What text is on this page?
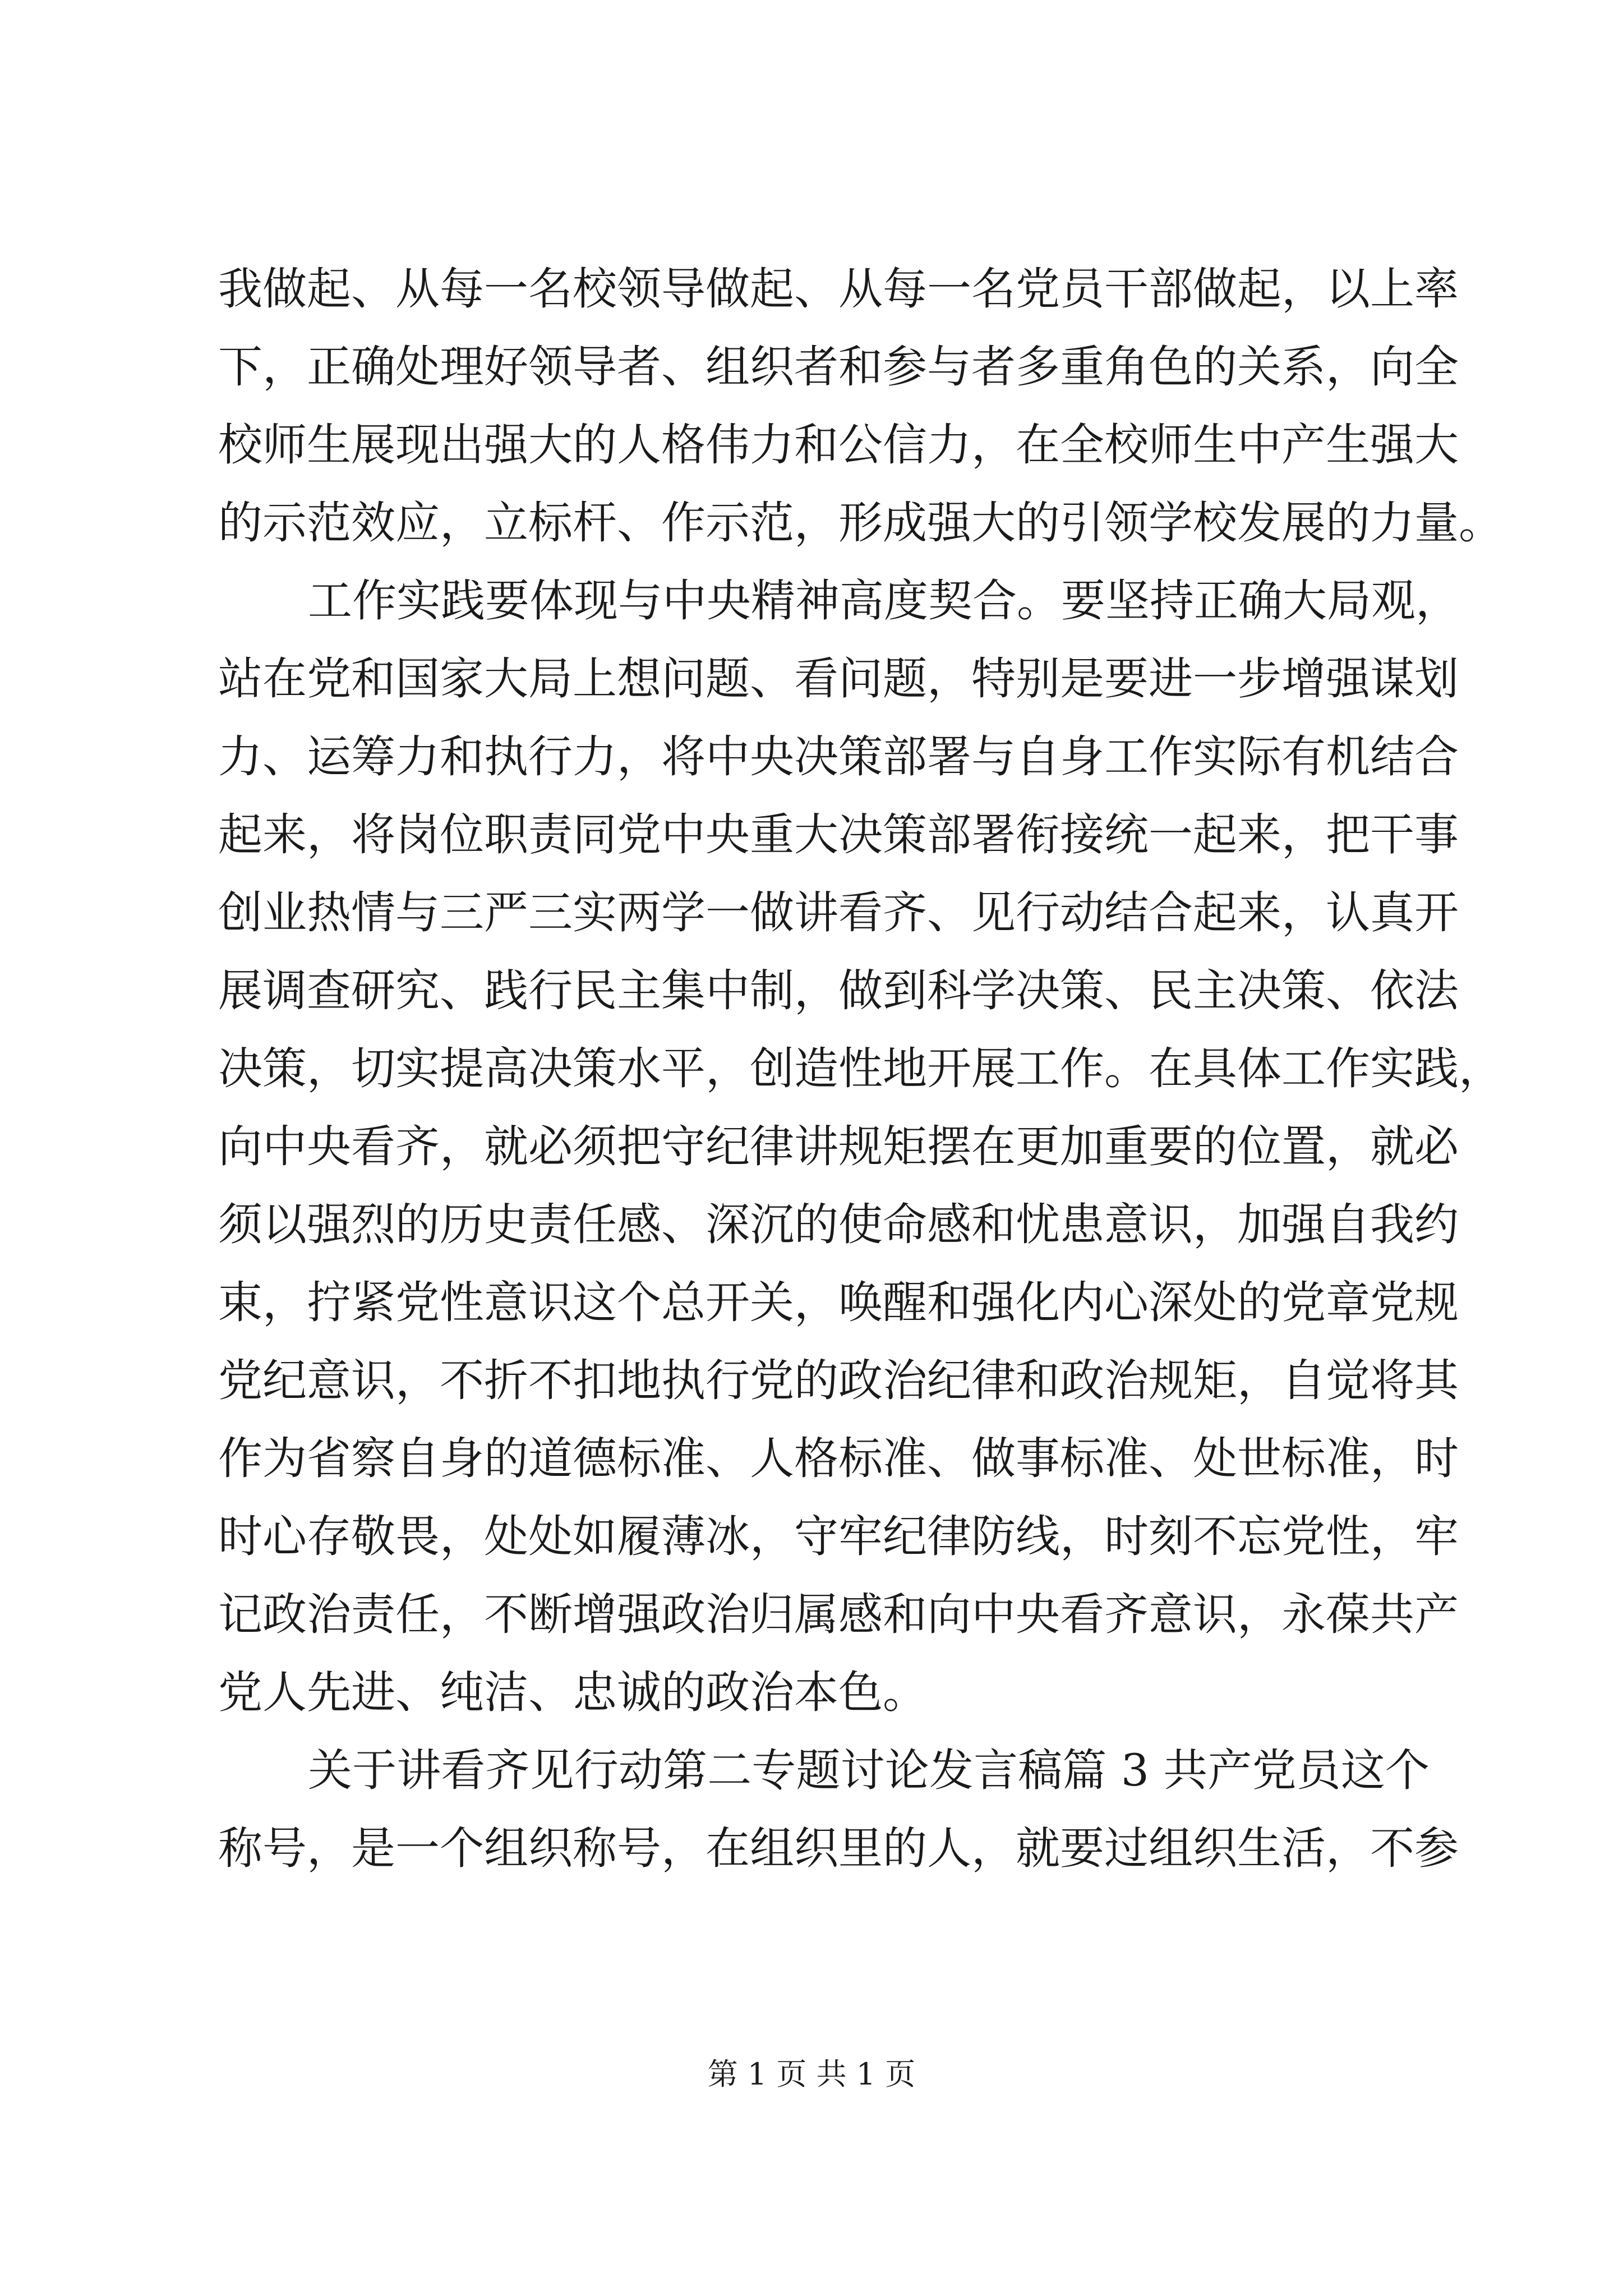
我做起、从每一名校领导做起、从每一名党员干部做起，以上率
下，正确处理好领导者、组织者和参与者多重角色的关系，向全
校师生展现出强大的人格伟力和公信力，在全校师生中产生强大
的示范效应，立标杆、作示范，形成强大的引领学校发展的力量。
工作实践要体现与中央精神高度契合。要坚持正确大局观，
站在党和国家大局上想问题、看问题，特别是要进一步增强谋划
力、运筹力和执行力，将中央决策部署与自身工作实际有机结合
起来，将岗位职责同党中央重大决策部署衔接统一起来，把干事
创业热情与三严三实两学一做讲看齐、见行动结合起来，认真开
展调查研究、践行民主集中制，做到科学决策、民主决策、依法
决策，切实提高决策水平，创造性地开展工作。在具体工作实践，
向中央看齐，就必须把守纪律讲规矩摆在更加重要的位置，就必
须以强烈的历史责任感、深沉的使命感和忧患意识，加强自我约
束，拧紧党性意识这个总开关，唤醒和强化内心深处的党章党规
党纪意识，不折不扣地执行党的政治纪律和政治规矩，自觉将其
作为省察自身的道德标准、人格标准、做事标准、处世标准，时
时心存敬畏，处处如履薄冰，守牢纪律防线，时刻不忘党性，牢
记政治责任，不断增强政治归属感和向中央看齐意识，永葆共产
党人先进、纯洁、忠诚的政治本色。
关于讲看齐见行动第二专题讨论发言稿篇 3 共产党员这个
称号，是一个组织称号，在组织里的人，就要过组织生活，不参
第 1 页 共 1 页
